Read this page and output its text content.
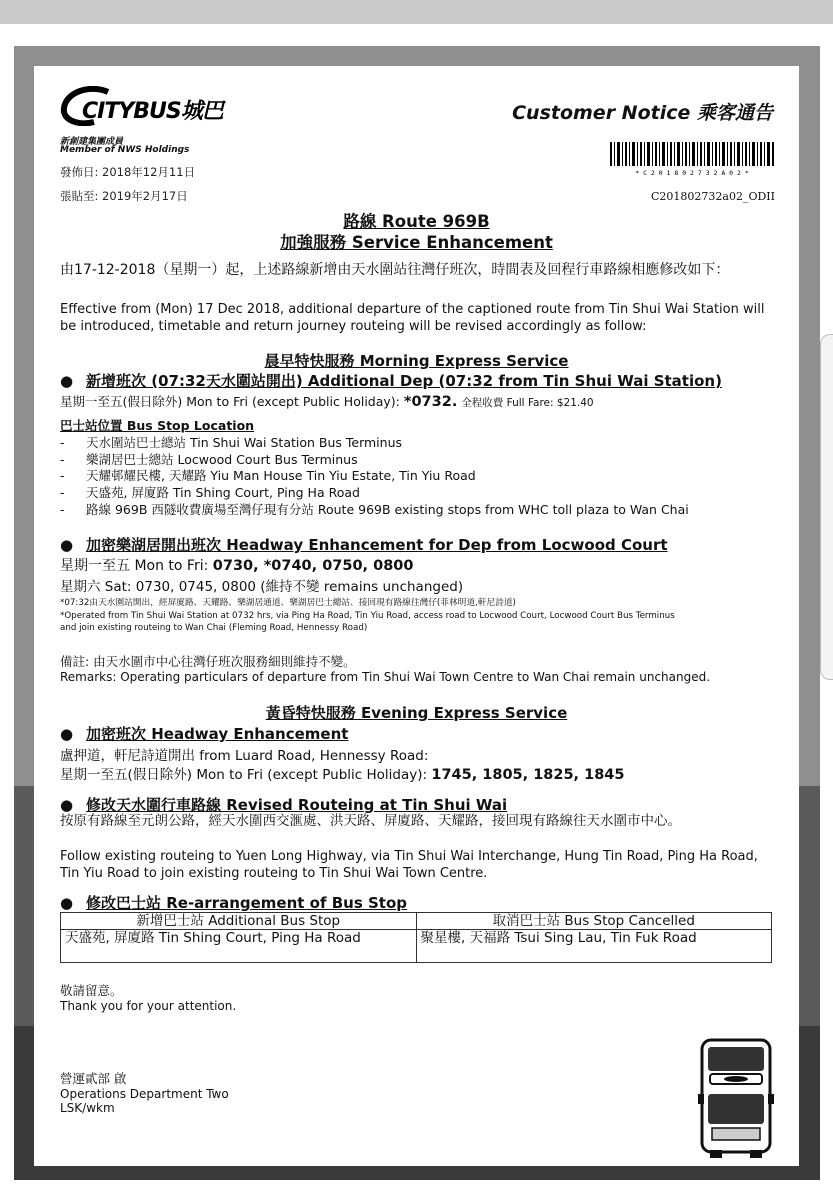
CITYBUS城巴
新創建集團成員
Member of NWS Holdings
發佈日: 2018年12月11日
張貼至: 2019年2月17日
Customer Notice 乘客通告
* C 2 0 1 8 0 2 7 3 2 A 0 2 *
C201802732a02_ODII
路線 Route 969B
加強服務 Service Enhancement
由17-12-2018（星期一）起，上述路線新增由天水圍站往灣仔班次，時間表及回程行車路線相應修改如下：
Effective from (Mon) 17 Dec 2018, additional departure of the captioned route from Tin Shui Wai Station will be introduced, timetable and return journey routeing will be revised accordingly as follow:
晨早特快服務 Morning Express Service
● 新增班次 (07:32天水圍站開出) Additional Dep (07:32 from Tin Shui Wai Station)
星期一至五(假日除外) Mon to Fri (except Public Holiday): *0732. 全程收費 Full Fare: $21.40
巴士站位置 Bus Stop Location
- 天水圍站巴士總站 Tin Shui Wai Station Bus Terminus
- 樂湖居巴士總站 Locwood Court Bus Terminus
- 天耀邨耀民樓, 天耀路 Yiu Man House Tin Yiu Estate, Tin Yiu Road
- 天盛苑, 屏廈路 Tin Shing Court, Ping Ha Road
- 路線 969B 西隧收費廣場至灣仔現有分站 Route 969B existing stops from WHC toll plaza to Wan Chai
● 加密樂湖居開出班次 Headway Enhancement for Dep from Locwood Court
星期一至五 Mon to Fri: 0730, *0740, 0750, 0800
星期六 Sat: 0730, 0745, 0800 (維持不變 remains unchanged)
*07:32由天水圍站開出，經屏廈路、天耀路、樂湖居通道、樂湖居巴士總站、接回現有路線往灣仔(菲林明道,軒尼詩道)
*Operated from Tin Shui Wai Station at 0732 hrs, via Ping Ha Road, Tin Yiu Road, access road to Locwood Court, Locwood Court Bus Terminus
and join existing routeing to Wan Chai (Fleming Road, Hennessy Road)
備註: 由天水圍市中心往灣仔班次服務細則維持不變。
Remarks: Operating particulars of departure from Tin Shui Wai Town Centre to Wan Chai remain unchanged.
黃昏特快服務 Evening Express Service
● 加密班次 Headway Enhancement
盧押道，軒尼詩道開出 from Luard Road, Hennessy Road:
星期一至五(假日除外) Mon to Fri (except Public Holiday): 1745, 1805, 1825, 1845
● 修改天水圍行車路線 Revised Routeing at Tin Shui Wai
按原有路線至元朗公路，經天水圍西交滙處、洪天路、屏廈路、天耀路，接回現有路線往天水圍市中心。
Follow existing routeing to Yuen Long Highway, via Tin Shui Wai Interchange, Hung Tin Road, Ping Ha Road, Tin Yiu Road to join existing routeing to Tin Shui Wai Town Centre.
● 修改巴士站 Re-arrangement of Bus Stop
新增巴士站 Additional Bus Stop	取消巴士站 Bus Stop Cancelled
天盛苑, 屏廈路 Tin Shing Court, Ping Ha Road	聚星樓, 天福路 Tsui Sing Lau, Tin Fuk Road
敬請留意。
Thank you for your attention.
營運貳部 啟
Operations Department Two
LSK/wkm
